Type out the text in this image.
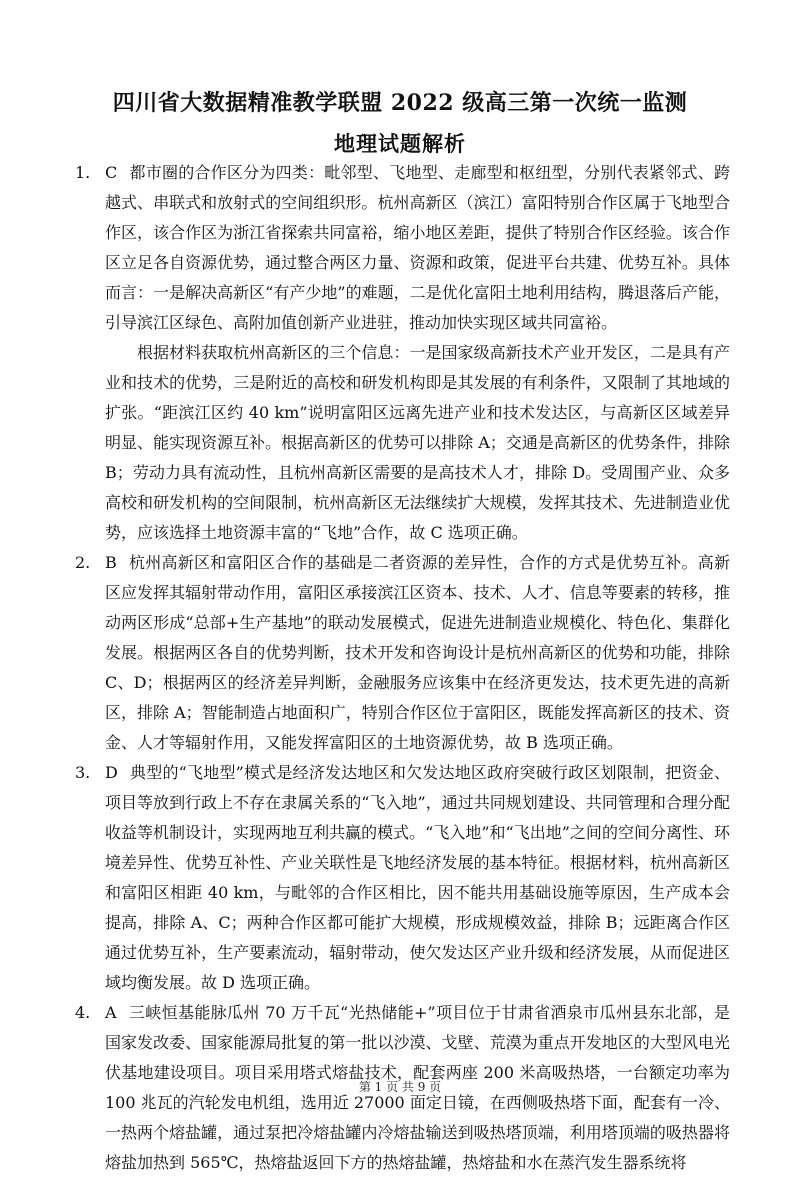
四川省大数据精准教学联盟 2022 级高三第一次统一监测
地理试题解析
1. C 都市圈的合作区分为四类：毗邻型、飞地型、走廊型和枢纽型，分别代表紧邻式、跨越式、串联式和放射式的空间组织形。杭州高新区（滨江）富阳特别合作区属于飞地型合作区，该合作区为浙江省探索共同富裕，缩小地区差距，提供了特别合作区经验。该合作区立足各自资源优势，通过整合两区力量、资源和政策，促进平台共建、优势互补。具体而言：一是解决高新区“有产少地”的难题，二是优化富阳土地利用结构，腾退落后产能，引导滨江区绿色、高附加值创新产业进驻，推动加快实现区域共同富裕。

根据材料获取杭州高新区的三个信息：一是国家级高新技术产业开发区，二是具有产业和技术的优势，三是附近的高校和研发机构即是其发展的有利条件，又限制了其地域的扩张。“距滨江区约 40 km”说明富阳区远离先进产业和技术发达区，与高新区区域差异明显、能实现资源互补。根据高新区的优势可以排除 A；交通是高新区的优势条件，排除 B；劳动力具有流动性，且杭州高新区需要的是高技术人才，排除 D。受周围产业、众多高校和研发机构的空间限制，杭州高新区无法继续扩大规模，发挥其技术、先进制造业优势，应该选择土地资源丰富的“飞地”合作，故 C 选项正确。

2. B 杭州高新区和富阳区合作的基础是二者资源的差异性，合作的方式是优势互补。高新区应发挥其辐射带动作用，富阳区承接滨江区资本、技术、人才、信息等要素的转移，推动两区形成“总部+生产基地”的联动发展模式，促进先进制造业规模化、特色化、集群化发展。根据两区各自的优势判断，技术开发和咨询设计是杭州高新区的优势和功能，排除 C、D；根据两区的经济差异判断，金融服务应该集中在经济更发达，技术更先进的高新区，排除 A；智能制造占地面积广，特别合作区位于富阳区，既能发挥高新区的技术、资金、人才等辐射作用，又能发挥富阳区的土地资源优势，故 B 选项正确。

3. D 典型的“飞地型”模式是经济发达地区和欠发达地区政府突破行政区划限制，把资金、项目等放到行政上不存在隶属关系的“飞入地”，通过共同规划建设、共同管理和合理分配收益等机制设计，实现两地互利共赢的模式。“飞入地”和“飞出地”之间的空间分离性、环境差异性、优势互补性、产业关联性是飞地经济发展的基本特征。根据材料，杭州高新区和富阳区相距 40 km，与毗邻的合作区相比，因不能共用基础设施等原因，生产成本会提高，排除 A、C；两种合作区都可能扩大规模，形成规模效益，排除 B；远距离合作区通过优势互补，生产要素流动，辐射带动，使欠发达区产业升级和经济发展，从而促进区域均衡发展。故 D 选项正确。

4. A 三峡恒基能脉瓜州 70 万千瓦“光热储能+”项目位于甘肃省酒泉市瓜州县东北部，是国家发改委、国家能源局批复的第一批以沙漠、戈壁、荒漠为重点开发地区的大型风电光伏基地建设项目。项目采用塔式熔盐技术，配套两座 200 米高吸热塔，一台额定功率为 100 兆瓦的汽轮发电机组，选用近 27000 面定日镜，在西侧吸热塔下面，配套有一冷、一热两个熔盐罐，通过泵把冷熔盐罐内冷熔盐输送到吸热塔顶端，利用塔顶端的吸热器将熔盐加热到 565℃，热熔盐返回下方的热熔盐罐，热熔盐和水在蒸汽发生器系统将

第 1 页 共 9 页
